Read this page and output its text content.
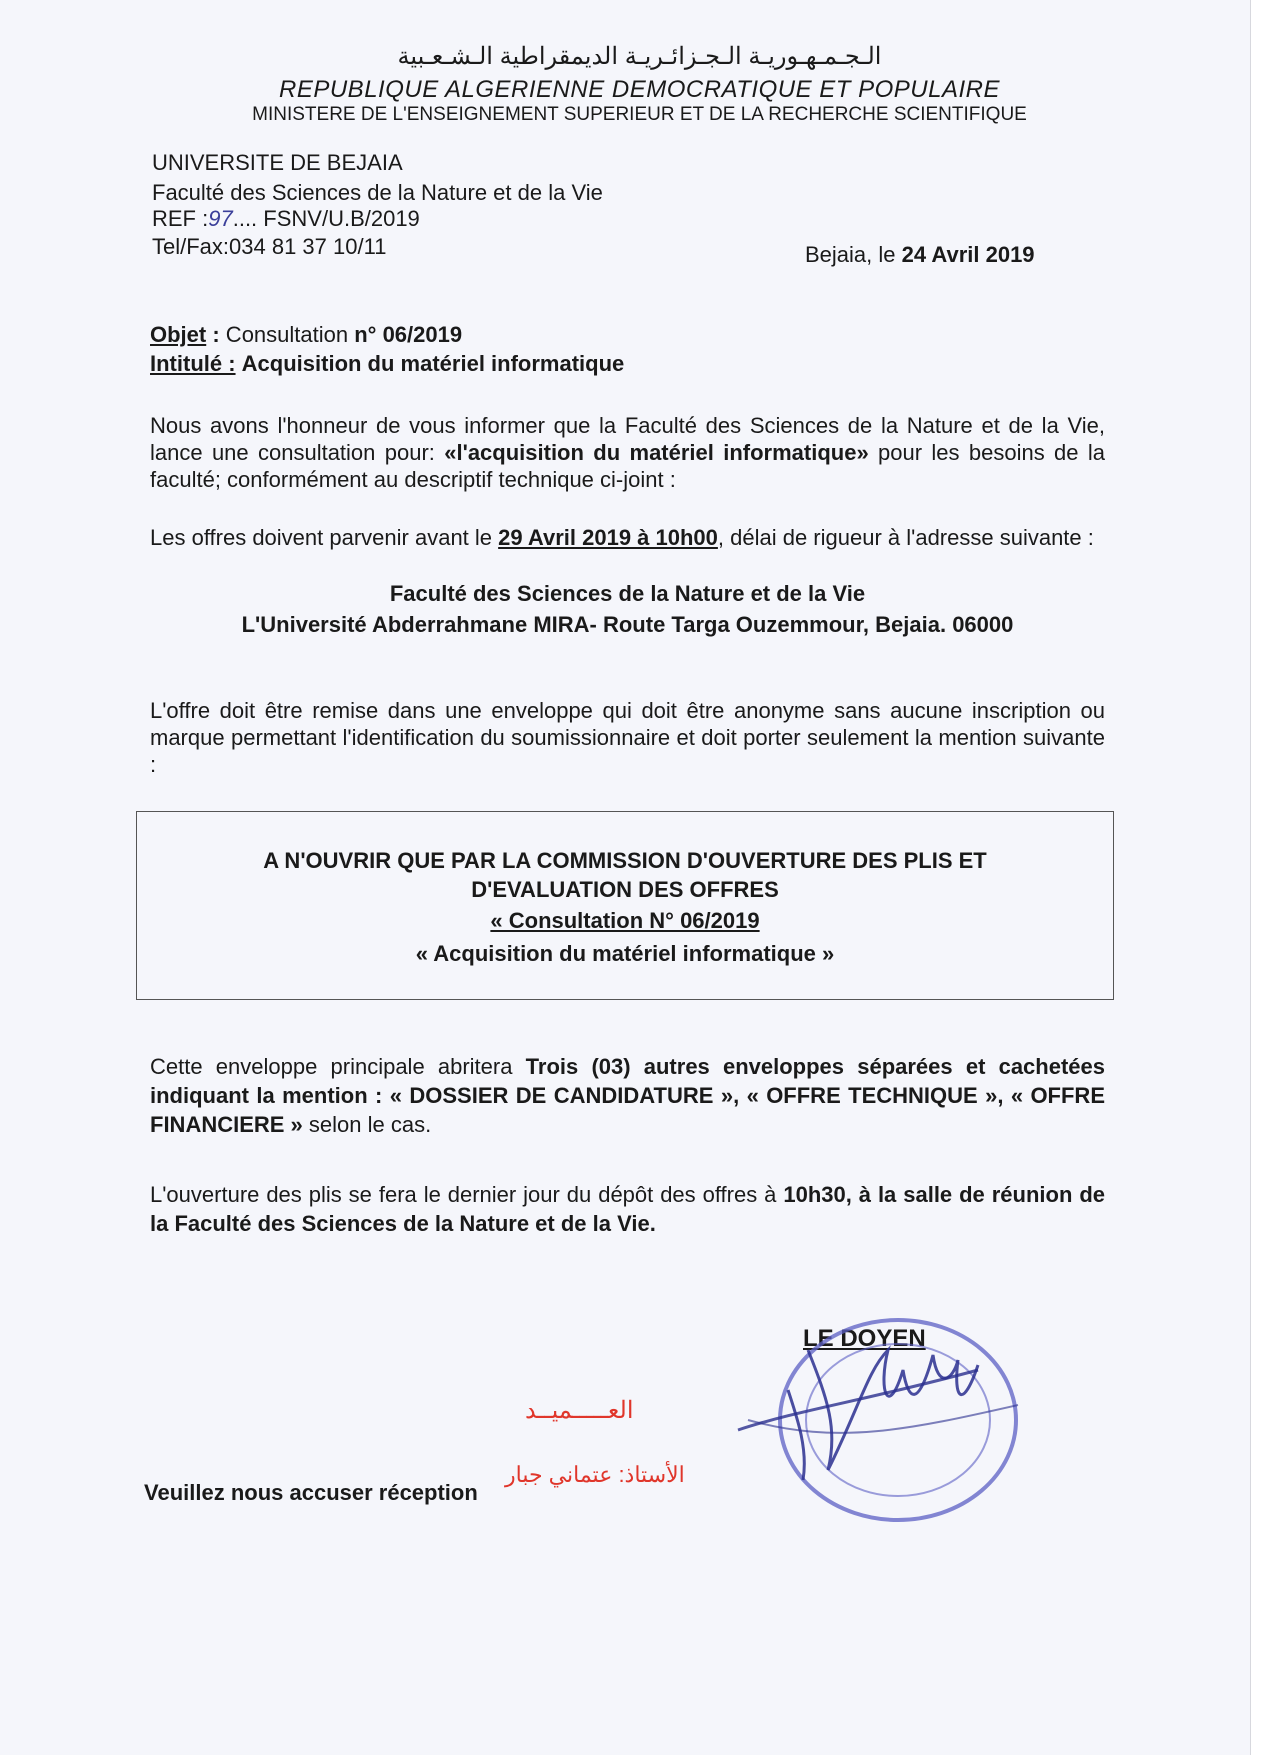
الـجـمـهـوريـة الـجـزائـريـة الديمقراطية الـشـعـبية
REPUBLIQUE ALGERIENNE DEMOCRATIQUE ET POPULAIRE
MINISTERE DE L'ENSEIGNEMENT SUPERIEUR ET DE LA RECHERCHE SCIENTIFIQUE
UNIVERSITE DE BEJAIA
Faculté des Sciences de la Nature et de la Vie
REF :97.... FSNV/U.B/2019
Tel/Fax:034 81 37 10/11	Bejaia, le 24 Avril 2019
Objet : Consultation n° 06/2019
Intitulé : Acquisition du matériel informatique
Nous avons l'honneur de vous informer que la Faculté des Sciences de la Nature et de la Vie, lance une consultation pour: «l'acquisition du matériel informatique» pour les besoins de la faculté; conformément au descriptif technique ci-joint :
Les offres doivent parvenir avant le 29 Avril 2019 à 10h00, délai de rigueur à l'adresse suivante :
Faculté des Sciences de la Nature et de la Vie
L'Université Abderrahmane MIRA- Route Targa Ouzemmour, Bejaia. 06000
L'offre doit être remise dans une enveloppe qui doit être anonyme sans aucune inscription ou marque permettant l'identification du soumissionnaire et doit porter seulement la mention suivante :
A N'OUVRIR QUE PAR LA COMMISSION D'OUVERTURE DES PLIS ET
D'EVALUATION DES OFFRES
« Consultation N° 06/2019
« Acquisition du matériel informatique »
Cette enveloppe principale abritera Trois (03) autres enveloppes séparées et cachetées indiquant la mention : « DOSSIER DE CANDIDATURE », « OFFRE TECHNIQUE », « OFFRE FINANCIERE » selon le cas.
L'ouverture des plis se fera le dernier jour du dépôt des offres à 10h30, à la salle de réunion de la Faculté des Sciences de la Nature et de la Vie.
LE DOYEN
العـــــميــد
الأستاذ: عتماني جبار
Veuillez nous accuser réception
